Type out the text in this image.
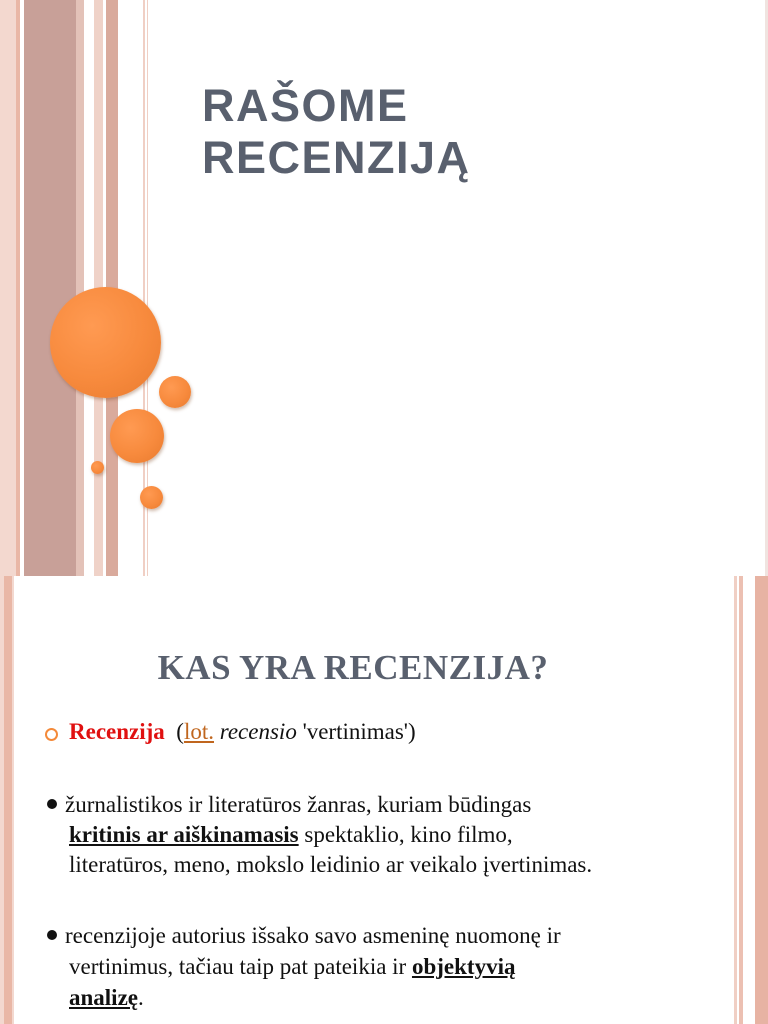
RAŠOME
RECENZIJĄ
KAS YRA RECENZIJA?
Recenzija (lot. recensio 'vertinimas')
žurnalistikos ir literatūros žanras, kuriam būdingas
kritinis ar aiškinamasis spektaklio, kino filmo,
literatūros, meno, mokslo leidinio ar veikalo įvertinimas.
recenzijoje autorius išsako savo asmeninę nuomonę ir
vertinimus, tačiau taip pat pateikia ir objektyvią
analizę.
